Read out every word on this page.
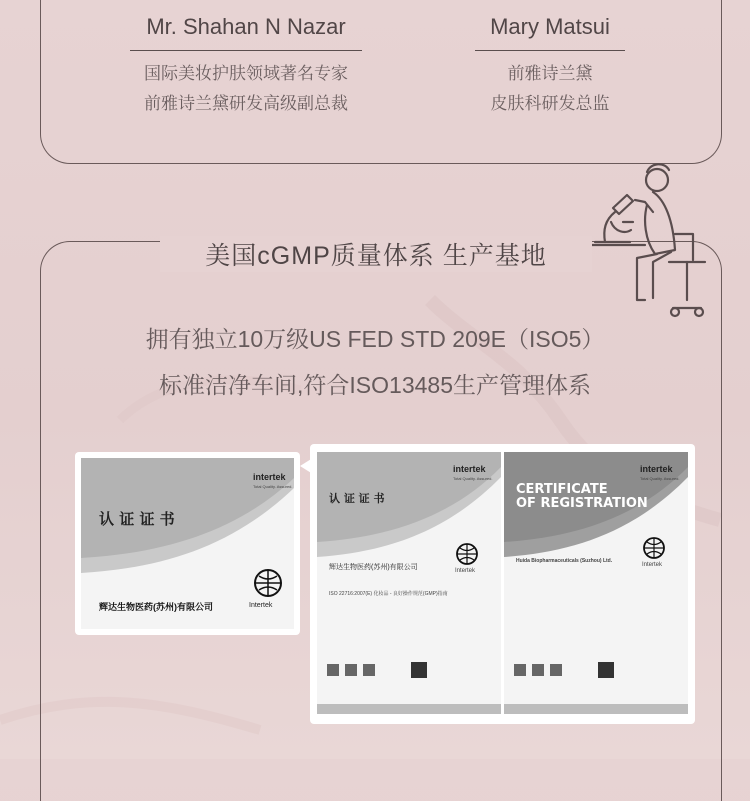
Mr. Shahan N Nazar
国际美妆护肤领域著名专家
前雅诗兰黛研发高级副总裁
Mary Matsui
前雅诗兰黛
皮肤科研发总监
美国cGMP质量体系 生产基地
拥有独立10万级US FED STD 209E（ISO5）
标准洁净车间,符合ISO13485生产管理体系
intertek
Total Quality. Assured.
认 证 证 书
辉达生物医药(苏州)有限公司	Intertek
intertek
Total Quality. Assured.
认 证 证 书
辉达生物医药(苏州)有限公司
ISO 22716:2007(E) 化妆品 - 良好操作规范(GMP)指南
Intertek
intertek
Total Quality. Assured.
CERTIFICATE
OF REGISTRATION
Huida Biopharmaceuticals (Suzhou) Ltd.
Intertek
